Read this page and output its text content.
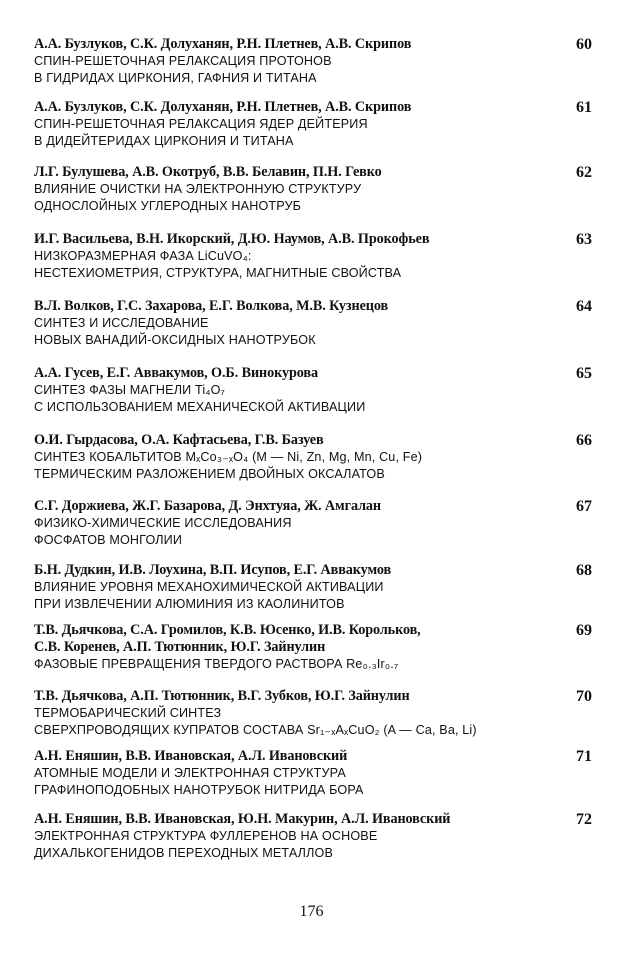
А.А. Бузлуков, С.К. Долуханян, Р.Н. Плетнев, А.В. Скрипов
СПИН-РЕШЕТОЧНАЯ РЕЛАКСАЦИЯ ПРОТОНОВ
В ГИДРИДАХ ЦИРКОНИЯ, ГАФНИЯ И ТИТАНА
60
А.А. Бузлуков, С.К. Долуханян, Р.Н. Плетнев, А.В. Скрипов
СПИН-РЕШЕТОЧНАЯ РЕЛАКСАЦИЯ ЯДЕР ДЕЙТЕРИЯ
В ДИДЕЙТЕРИДАХ ЦИРКОНИЯ И ТИТАНА
61
Л.Г. Булушева, А.В. Окотруб, В.В. Белавин, П.Н. Гевко
ВЛИЯНИЕ ОЧИСТКИ НА ЭЛЕКТРОННУЮ СТРУКТУРУ
ОДНОСЛОЙНЫХ УГЛЕРОДНЫХ НАНОТРУБ
62
И.Г. Васильева, В.Н. Икорский, Д.Ю. Наумов, А.В. Прокофьев
НИЗКОРАЗМЕРНАЯ ФАЗА LiCuVO₄:
НЕСТЕХИОМЕТРИЯ, СТРУКТУРА, МАГНИТНЫЕ СВОЙСТВА
63
В.Л. Волков, Г.С. Захарова, Е.Г. Волкова, М.В. Кузнецов
СИНТЕЗ И ИССЛЕДОВАНИЕ
НОВЫХ ВАНАДИЙ-ОКСИДНЫХ НАНОТРУБОК
64
А.А. Гусев, Е.Г. Аввакумов, О.Б. Винокурова
СИНТЕЗ ФАЗЫ МАГНЕЛИ Ti₄O₇
С ИСПОЛЬЗОВАНИЕМ МЕХАНИЧЕСКОЙ АКТИВАЦИИ
65
О.И. Гырдасова, О.А. Кафтасьева, Г.В. Базуев
СИНТЕЗ КОБАЛЬТИТОВ MₓCo₃₋ₓO₄ (M — Ni, Zn, Mg, Mn, Cu, Fe)
ТЕРМИЧЕСКИМ РАЗЛОЖЕНИЕМ ДВОЙНЫХ ОКСАЛАТОВ
66
С.Г. Доржиева, Ж.Г. Базарова, Д. Энхтуяа, Ж. Амгалан
ФИЗИКО-ХИМИЧЕСКИЕ ИССЛЕДОВАНИЯ
ФОСФАТОВ МОНГОЛИИ
67
Б.Н. Дудкин, И.В. Лоухина, В.П. Исупов, Е.Г. Аввакумов
ВЛИЯНИЕ УРОВНЯ МЕХАНОХИМИЧЕСКОЙ АКТИВАЦИИ
ПРИ ИЗВЛЕЧЕНИИ АЛЮМИНИЯ ИЗ КАОЛИНИТОВ
68
Т.В. Дьячкова, С.А. Громилов, К.В. Юсенко, И.В. Корольков,
С.В. Коренев, А.П. Тютюнник, Ю.Г. Зайнулин
ФАЗОВЫЕ ПРЕВРАЩЕНИЯ ТВЕРДОГО РАСТВОРА Re₀.₃Ir₀.₇
69
Т.В. Дьячкова, А.П. Тютюнник, В.Г. Зубков, Ю.Г. Зайнулин
ТЕРМОБАРИЧЕСКИЙ СИНТЕЗ
СВЕРХПРОВОДЯЩИХ КУПРАТОВ СОСТАВА Sr₁₋ₓAₓCuO₂ (A — Ca, Ba, Li)
70
А.Н. Еняшин, В.В. Ивановская, А.Л. Ивановский
АТОМНЫЕ МОДЕЛИ И ЭЛЕКТРОННАЯ СТРУКТУРА
ГРАФИНОПОДОБНЫХ НАНОТРУБОК НИТРИДА БОРА
71
А.Н. Еняшин, В.В. Ивановская, Ю.Н. Макурин, А.Л. Ивановский
ЭЛЕКТРОННАЯ СТРУКТУРА ФУЛЛЕРЕНОВ НА ОСНОВЕ
ДИХАЛЬКОГЕНИДОВ ПЕРЕХОДНЫХ МЕТАЛЛОВ
72
176
